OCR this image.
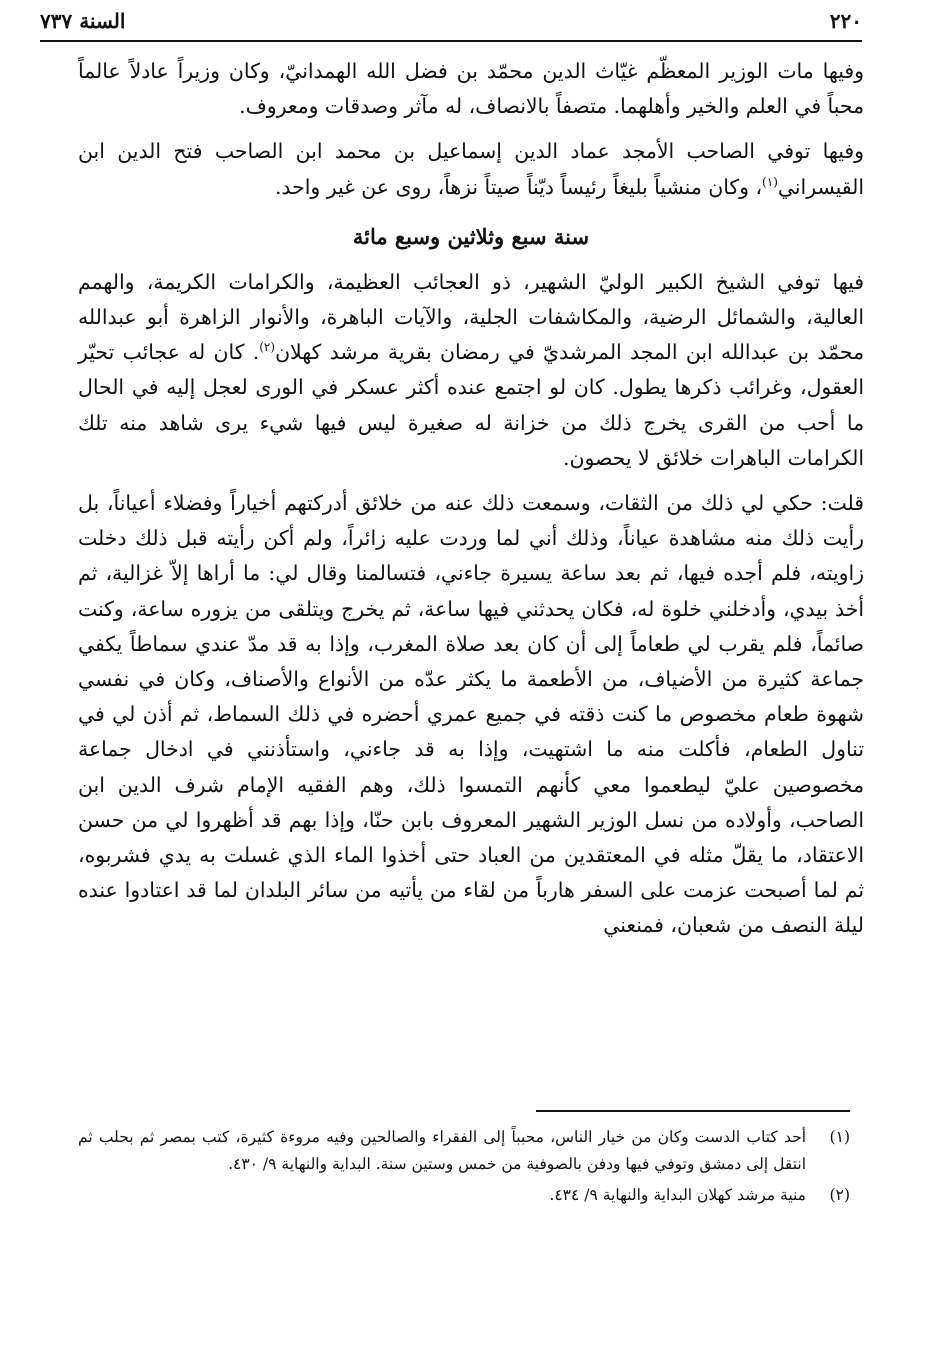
٢٢٠
السنة ٧٣٧

وفيها مات الوزير المعظّم غيّاث الدين محمّد بن فضل الله الهمدانيّ، وكان وزيراً عادلاً عالماً محباً في العلم والخير وأهلهما. متصفاً بالانصاف، له مآثر وصدقات ومعروف.

وفيها توفي الصاحب الأمجد عماد الدين إسماعيل بن محمد ابن الصاحب فتح الدين ابن القيسراني$^{(١)}$، وكان منشياً بليغاً رئيساً ديّناً صيتاً نزهاً، روى عن غير واحد.

سنة سبع وثلاثين وسبع مائة

فيها توفي الشيخ الكبير الوليّ الشهير، ذو العجائب العظيمة، والكرامات الكريمة، والهمم العالية، والشمائل الرضية، والمكاشفات الجلية، والآيات الباهرة، والأنوار الزاهرة أبو عبدالله محمّد بن عبدالله ابن المجد المرشديّ في رمضان بقرية مرشد كهلان$^{(٢)}$. كان له عجائب تحيّر العقول، وغرائب ذكرها يطول. كان لو اجتمع عنده أكثر عسكر في الورى لعجل إليه في الحال ما أحب من القرى يخرج ذلك من خزانة له صغيرة ليس فيها شيء يرى شاهد منه تلك الكرامات الباهرات خلائق لا يحصون.

قلت: حكي لي ذلك من الثقات، وسمعت ذلك عنه من خلائق أدركتهم أخياراً وفضلاء أعياناً، بل رأيت ذلك منه مشاهدة عياناً، وذلك أني لما وردت عليه زائراً، ولم أكن رأيته قبل ذلك دخلت زاويته، فلم أجده فيها، ثم بعد ساعة يسيرة جاءني، فتسالمنا وقال لي: ما أراها إلاّ غزالية، ثم أخذ بيدي، وأدخلني خلوة له، فكان يحدثني فيها ساعة، ثم يخرج ويتلقى من يزوره ساعة، وكنت صائماً، فلم يقرب لي طعاماً إلى أن كان بعد صلاة المغرب، وإذا به قد مدّ عندي سماطاً يكفي جماعة كثيرة من الأضياف، من الأطعمة ما يكثر عدّه من الأنواع والأصناف، وكان في نفسي شهوة طعام مخصوص ما كنت ذقته في جميع عمري أحضره في ذلك السماط، ثم أذن لي في تناول الطعام، فأكلت منه ما اشتهيت، وإذا به قد جاءني، واستأذنني في ادخال جماعة مخصوصين عليّ ليطعموا معي كأنهم التمسوا ذلك، وهم الفقيه الإمام شرف الدين ابن الصاحب، وأولاده من نسل الوزير الشهير المعروف بابن حنّا، وإذا بهم قد أظهروا لي من حسن الاعتقاد، ما يقلّ مثله في المعتقدين من العباد حتى أخذوا الماء الذي غسلت به يدي فشربوه، ثم لما أصبحت عزمت على السفر هارباً من لقاء من يأتيه من سائر البلدان لما قد اعتادوا عنده ليلة النصف من شعبان، فمنعني

(١)
أحد كتاب الدست وكان من خيار الناس، محبباً إلى الفقراء والصالحين وفيه مروءة كثيرة، كتب بمصر ثم بحلب ثم انتقل إلى دمشق وتوفي فيها ودفن بالصوفية من خمس وستين سنة. البداية والنهاية ٩/ ٤٣٠.
(٢)
منية مرشد كهلان البداية والنهاية ٩/ ٤٣٤.
